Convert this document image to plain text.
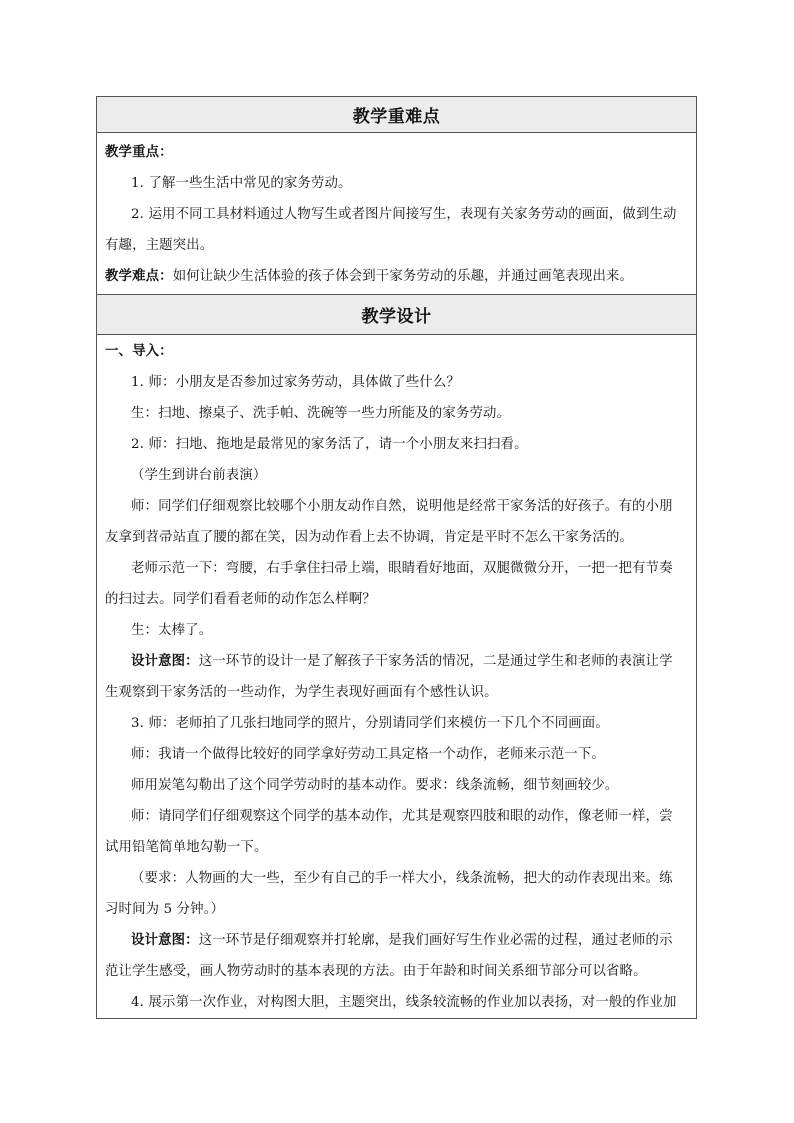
教学重难点
教学重点：
1. 了解一些生活中常见的家务劳动。
2. 运用不同工具材料通过人物写生或者图片间接写生，表现有关家务劳动的画面，做到生动
有趣，主题突出。
教学难点：如何让缺少生活体验的孩子体会到干家务劳动的乐趣，并通过画笔表现出来。
教学设计
一、导入：
1. 师：小朋友是否参加过家务劳动，具体做了些什么？
生：扫地、擦桌子、洗手帕、洗碗等一些力所能及的家务劳动。
2. 师：扫地、拖地是最常见的家务活了，请一个小朋友来扫扫看。
（学生到讲台前表演）
师：同学们仔细观察比较哪个小朋友动作自然，说明他是经常干家务活的好孩子。有的小朋
友拿到苕帚站直了腰的都在笑，因为动作看上去不协调，肯定是平时不怎么干家务活的。
老师示范一下：弯腰，右手拿住扫帚上端，眼睛看好地面，双腿微微分开，一把一把有节奏
的扫过去。同学们看看老师的动作怎么样啊？
生：太棒了。
设计意图：这一环节的设计一是了解孩子干家务活的情况，二是通过学生和老师的表演让学
生观察到干家务活的一些动作，为学生表现好画面有个感性认识。
3. 师：老师拍了几张扫地同学的照片，分别请同学们来模仿一下几个不同画面。
师：我请一个做得比较好的同学拿好劳动工具定格一个动作，老师来示范一下。
师用炭笔勾勒出了这个同学劳动时的基本动作。要求：线条流畅，细节刻画较少。
师：请同学们仔细观察这个同学的基本动作，尤其是观察四肢和眼的动作，像老师一样，尝
试用铅笔简单地勾勒一下。
（要求：人物画的大一些，至少有自己的手一样大小，线条流畅，把大的动作表现出来。练
习时间为 5 分钟。）
设计意图：这一环节是仔细观察并打轮廓，是我们画好写生作业必需的过程，通过老师的示
范让学生感受，画人物劳动时的基本表现的方法。由于年龄和时间关系细节部分可以省略。
4. 展示第一次作业，对构图大胆，主题突出，线条较流畅的作业加以表扬，对一般的作业加
